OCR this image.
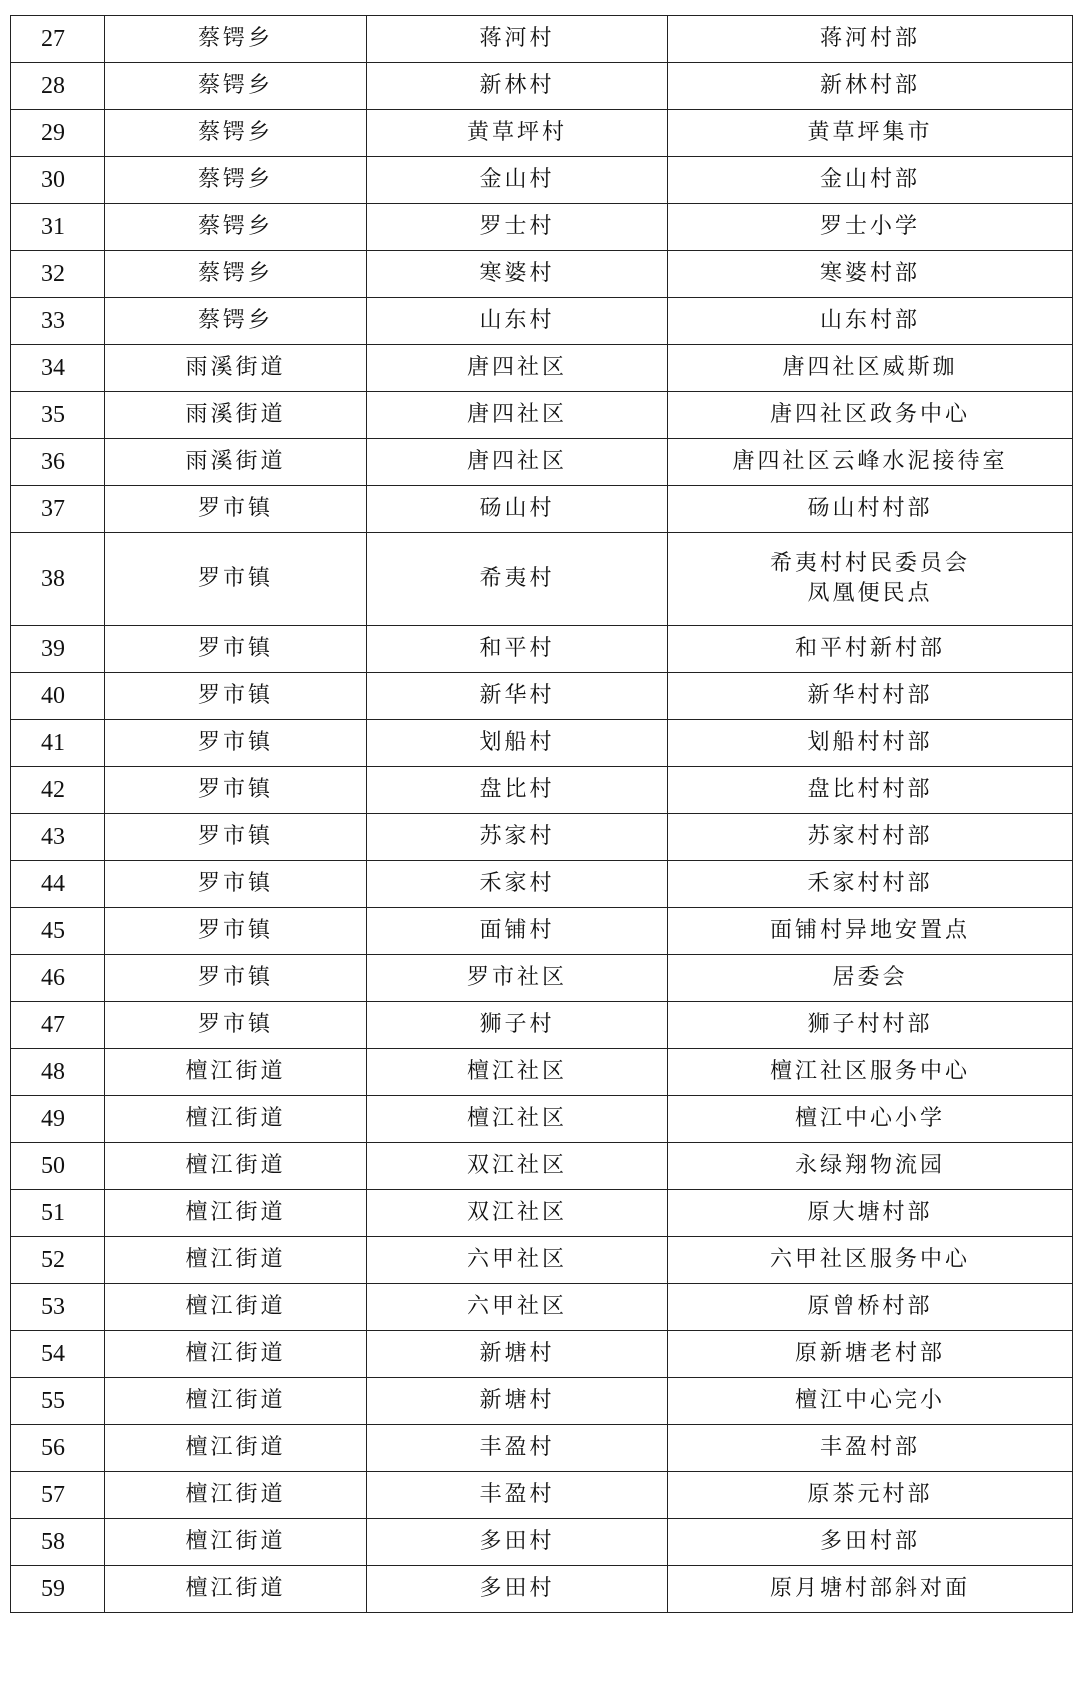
27	蔡锷乡	蒋河村	蒋河村部

28	蔡锷乡	新林村	新林村部

29	蔡锷乡	黄草坪村	黄草坪集市

30	蔡锷乡	金山村	金山村部

31	蔡锷乡	罗士村	罗士小学

32	蔡锷乡	寒婆村	寒婆村部

33	蔡锷乡	山东村	山东村部

34	雨溪街道	唐四社区	唐四社区威斯珈

35	雨溪街道	唐四社区	唐四社区政务中心

36	雨溪街道	唐四社区	唐四社区云峰水泥接待室

37	罗市镇	砀山村	砀山村村部

38	罗市镇	希夷村	希夷村村民委员会
凤凰便民点

39	罗市镇	和平村	和平村新村部

40	罗市镇	新华村	新华村村部

41	罗市镇	划船村	划船村村部

42	罗市镇	盘比村	盘比村村部

43	罗市镇	苏家村	苏家村村部

44	罗市镇	禾家村	禾家村村部

45	罗市镇	面铺村	面铺村异地安置点

46	罗市镇	罗市社区	居委会

47	罗市镇	狮子村	狮子村村部

48	檀江街道	檀江社区	檀江社区服务中心

49	檀江街道	檀江社区	檀江中心小学

50	檀江街道	双江社区	永绿翔物流园

51	檀江街道	双江社区	原大塘村部

52	檀江街道	六甲社区	六甲社区服务中心

53	檀江街道	六甲社区	原曾桥村部

54	檀江街道	新塘村	原新塘老村部

55	檀江街道	新塘村	檀江中心完小

56	檀江街道	丰盈村	丰盈村部

57	檀江街道	丰盈村	原茶元村部

58	檀江街道	多田村	多田村部

59	檀江街道	多田村	原月塘村部斜对面
